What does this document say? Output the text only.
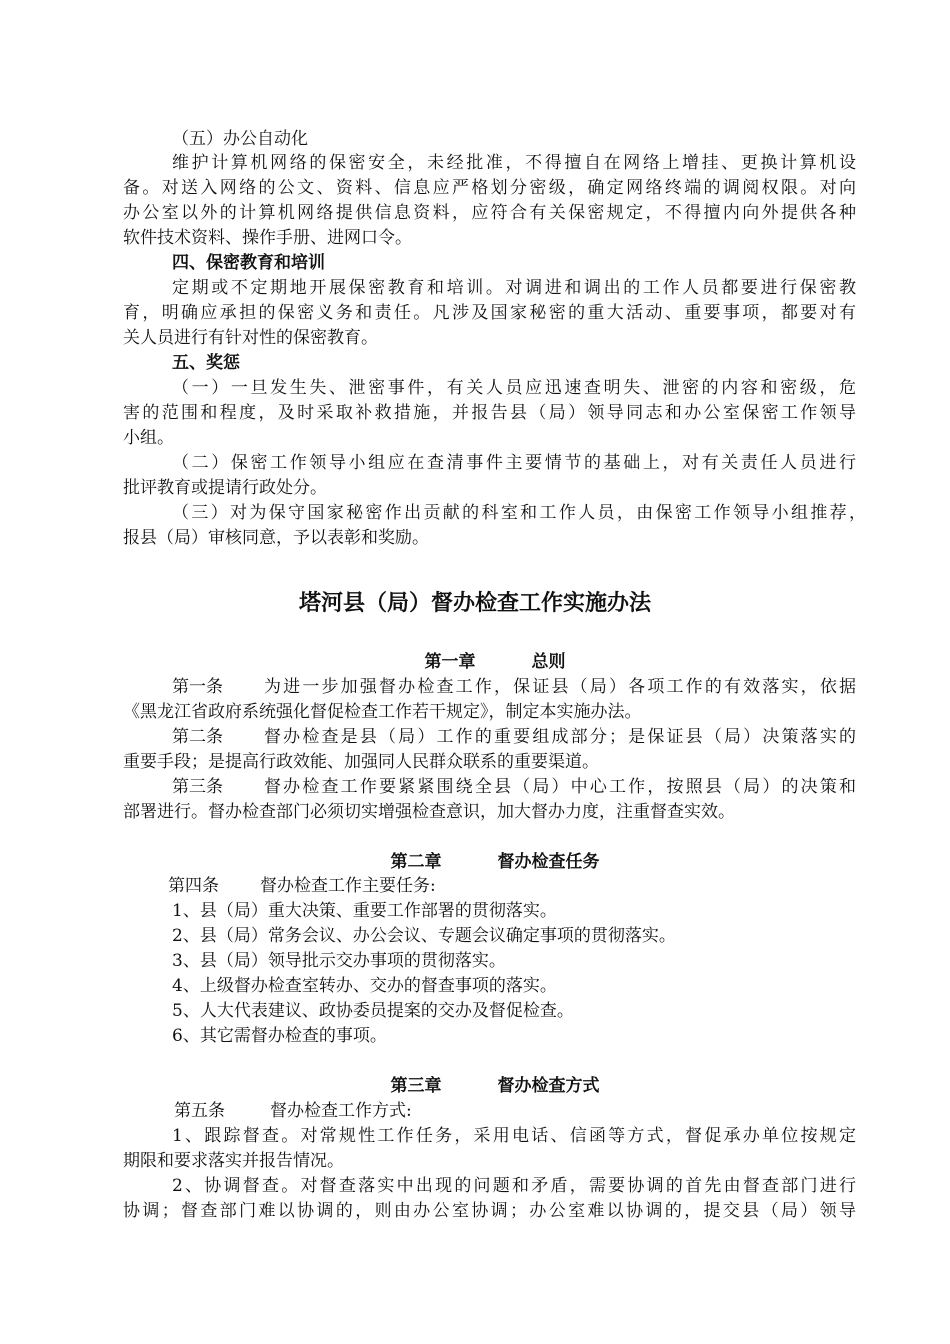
（五）办公自动化
维护计算机网络的保密安全，未经批准，不得擅自在网络上增挂、更换计算机设
备。对送入网络的公文、资料、信息应严格划分密级，确定网络终端的调阅权限。对向
办公室以外的计算机网络提供信息资料，应符合有关保密规定，不得擅内向外提供各种
软件技术资料、操作手册、进网口令。
四、保密教育和培训
定期或不定期地开展保密教育和培训。对调进和调出的工作人员都要进行保密教
育，明确应承担的保密义务和责任。凡涉及国家秘密的重大活动、重要事项，都要对有
关人员进行有针对性的保密教育。
五、奖惩
（一）一旦发生失、泄密事件，有关人员应迅速查明失、泄密的内容和密级，危
害的范围和程度，及时采取补救措施，并报告县（局）领导同志和办公室保密工作领导
小组。
（二）保密工作领导小组应在查清事件主要情节的基础上，对有关责任人员进行
批评教育或提请行政处分。
（三）对为保守国家秘密作出贡献的科室和工作人员，由保密工作领导小组推荐，
报县（局）审核同意，予以表彰和奖励。
塔河县（局）督办检查工作实施办法
第一章	总则
第一条	为进一步加强督办检查工作，保证县（局）各项工作的有效落实，依据
《黑龙江省政府系统强化督促检查工作若干规定》，制定本实施办法。
第二条	督办检查是县（局）工作的重要组成部分；是保证县（局）决策落实的
重要手段；是提高行政效能、加强同人民群众联系的重要渠道。
第三条	督办检查工作要紧紧围绕全县（局）中心工作，按照县（局）的决策和
部署进行。督办检查部门必须切实增强检查意识，加大督办力度，注重督查实效。
第二章	督办检查任务
第四条 督办检查工作主要任务:
1、县（局）重大决策、重要工作部署的贯彻落实。
2、县（局）常务会议、办公会议、专题会议确定事项的贯彻落实。
3、县（局）领导批示交办事项的贯彻落实。
4、上级督办检查室转办、交办的督查事项的落实。
5、人大代表建议、政协委员提案的交办及督促检查。
6、其它需督办检查的事项。
第三章	督办检查方式
第五条	督办检查工作方式:
1、跟踪督查。对常规性工作任务，采用电话、信函等方式，督促承办单位按规定
期限和要求落实并报告情况。
2、协调督查。对督查落实中出现的问题和矛盾，需要协调的首先由督查部门进行
协调；督查部门难以协调的，则由办公室协调；办公室难以协调的，提交县（局）领导
